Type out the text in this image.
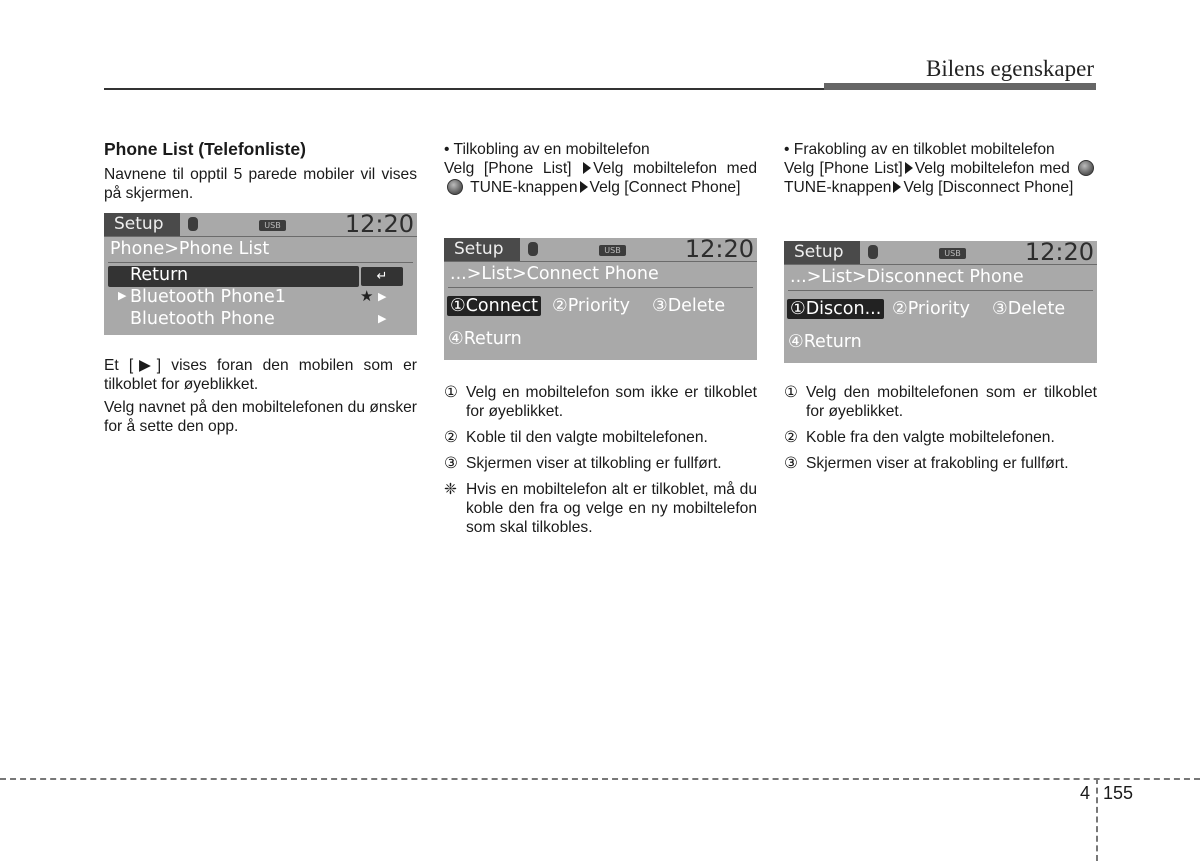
Bilens egenskaper
Phone List (Telefonliste)

Navnene til opptil 5 parede mobiler vil vises på skjermen.

Setup	USB	12:20
Phone>Phone List
↵
Return
▶ Bluetooth Phone1	★ ▶
Bluetooth Phone	▶

Et [▶] vises foran den mobilen som er tilkoblet for øyeblikket.

Velg navnet på den mobiltelefonen du ønsker for å sette den opp.

• Tilkobling av en mobiltelefon

Velg [Phone List] Velg mobiltelefon med  TUNE-knappen Velg [Connect Phone]

Setup	USB	12:20
...>List>Connect Phone
①Connect ②Priority ③Delete
④Return
① Velg en mobiltelefon som ikke er tilkoblet for øyeblikket.
② Koble til den valgte mobiltelefonen.
③ Skjermen viser at tilkobling er fullført.
❈ Hvis en mobiltelefon alt er tilkoblet, må du koble den fra og velge en ny mobiltelefon som skal tilkobles.
• Frakobling av en tilkoblet mobiltelefon

Velg [Phone List] Velg mobiltelefon med  TUNE-knappen Velg [Disconnect Phone]

Setup	USB	12:20
...>List>Disconnect Phone
①Discon... ②Priority ③Delete
④Return
① Velg den mobiltelefonen som er tilkoblet for øyeblikket.
② Koble fra den valgte mobiltelefonen.
③ Skjermen viser at frakobling er fullført.
4 155
